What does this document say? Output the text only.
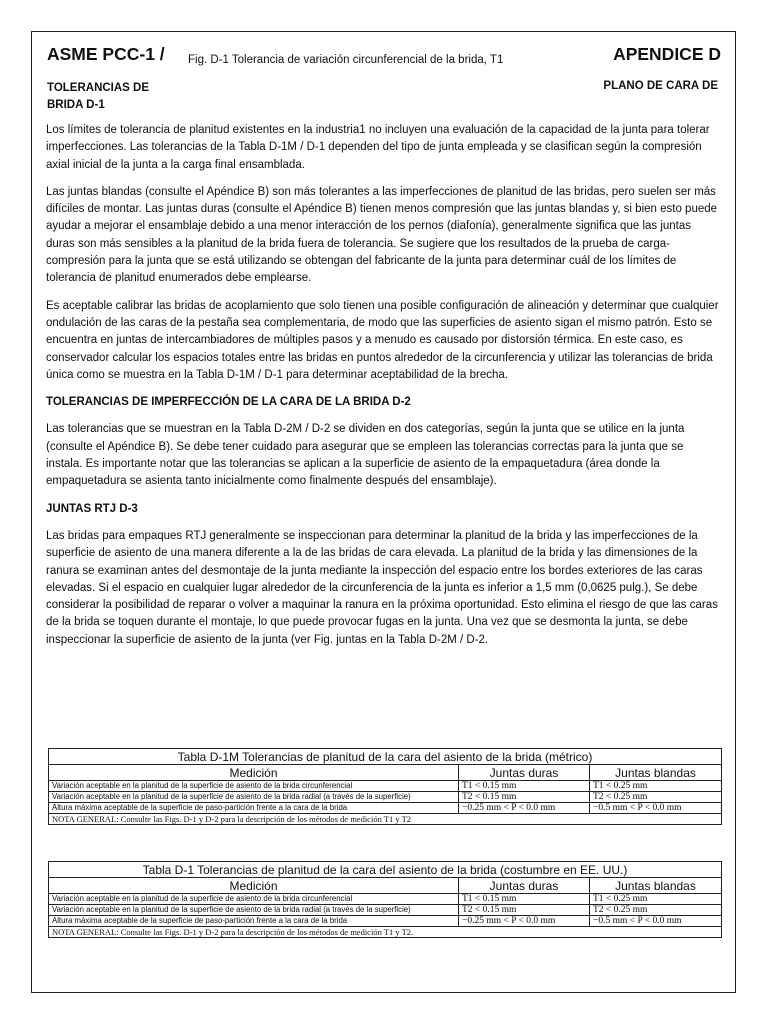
ASME PCC-1 / Fig. D-1 Tolerancia de variación circunferencial de la brida, T1	APENDICE D
TOLERANCIAS DE BRIDA D-1
PLANO DE CARA DE

Los límites de tolerancia de planitud existentes en la industria1 no incluyen una evaluación de la capacidad de la junta para tolerar imperfecciones. Las tolerancias de la Tabla D-1M / D-1 dependen del tipo de junta empleada y se clasifican según la compresión axial inicial de la junta a la carga final ensamblada.

Las juntas blandas (consulte el Apéndice B) son más tolerantes a las imperfecciones de planitud de las bridas, pero suelen ser más difíciles de montar. Las juntas duras (consulte el Apéndice B) tienen menos compresión que las juntas blandas y, si bien esto puede ayudar a mejorar el ensamblaje debido a una menor interacción de los pernos (diafonía), generalmente significa que las juntas duras son más sensibles a la planitud de la brida fuera de tolerancia. Se sugiere que los resultados de la prueba de carga-compresión para la junta que se está utilizando se obtengan del fabricante de la junta para determinar cuál de los límites de tolerancia de planitud enumerados debe emplearse.

Es aceptable calibrar las bridas de acoplamiento que solo tienen una posible configuración de alineación y determinar que cualquier ondulación de las caras de la pestaña sea complementaria, de modo que las superficies de asiento sigan el mismo patrón. Esto se encuentra en juntas de intercambiadores de múltiples pasos y a menudo es causado por distorsión térmica. En este caso, es conservador calcular los espacios totales entre las bridas en puntos alrededor de la circunferencia y utilizar las tolerancias de brida única como se muestra en la Tabla D-1M / D-1 para determinar aceptabilidad de la brecha.

TOLERANCIAS DE IMPERFECCIÓN DE LA CARA DE LA BRIDA D-2

Las tolerancias que se muestran en la Tabla D-2M / D-2 se dividen en dos categorías, según la junta que se utilice en la junta (consulte el Apéndice B). Se debe tener cuidado para asegurar que se empleen las tolerancias correctas para la junta que se instala. Es importante notar que las tolerancias se aplican a la superficie de asiento de la empaquetadura (área donde la empaquetadura se asienta tanto inicialmente como finalmente después del ensamblaje).

JUNTAS RTJ D-3

Las bridas para empaques RTJ generalmente se inspeccionan para determinar la planitud de la brida y las imperfecciones de la superficie de asiento de una manera diferente a la de las bridas de cara elevada. La planitud de la brida y las dimensiones de la ranura se examinan antes del desmontaje de la junta mediante la inspección del espacio entre los bordes exteriores de las caras elevadas. Si el espacio en cualquier lugar alrededor de la circunferencia de la junta es inferior a 1,5 mm (0,0625 pulg.), Se debe considerar la posibilidad de reparar o volver a maquinar la ranura en la próxima oportunidad. Esto elimina el riesgo de que las caras de la brida se toquen durante el montaje, lo que puede provocar fugas en la junta. Una vez que se desmonta la junta, se debe inspeccionar la superficie de asiento de la junta (ver Fig. juntas en la Tabla D-2M / D-2.

Tabla D-1M Tolerancias de planitud de la cara del asiento de la brida (métrico)		
Medición	Juntas duras	Juntas blandas
Variación aceptable en la planitud de la superficie de asiento de la brida circunferencial	T1 < 0.15 mm	T1 < 0.25 mm
Variación aceptable en la planitud de la superficie de asiento de la brida radial (a través de la superficie)	T2 < 0.15 mm	T2 < 0.25 mm
Altura máxima aceptable de la superficie de paso-partición frente a la cara de la brida	−0.25 mm < P < 0.0 mm	−0.5 mm < P < 0.0 mm
NOTA GENERAL: Consulte las Figs. D-1 y D-2 para la descripción de los métodos de medición T1 y T2		
Tabla D-1 Tolerancias de planitud de la cara del asiento de la brida (costumbre en EE. UU.)		
Medición	Juntas duras	Juntas blandas
Variación aceptable en la planitud de la superficie de asiento de la brida circunferencial	T1 < 0.15 mm	T1 < 0.25 mm
Variación aceptable en la planitud de la superficie de asiento de la brida radial (a través de la superficie)	T2 < 0.15 mm	T2 < 0.25 mm
Altura máxima aceptable de la superficie de paso-partición frente a la cara de la brida	−0.25 mm < P < 0.0 mm	−0.5 mm < P < 0.0 mm
NOTA GENERAL: Consulte las Figs. D-1 y D-2 para la descripción de los métodos de medición T1 y T2.		
